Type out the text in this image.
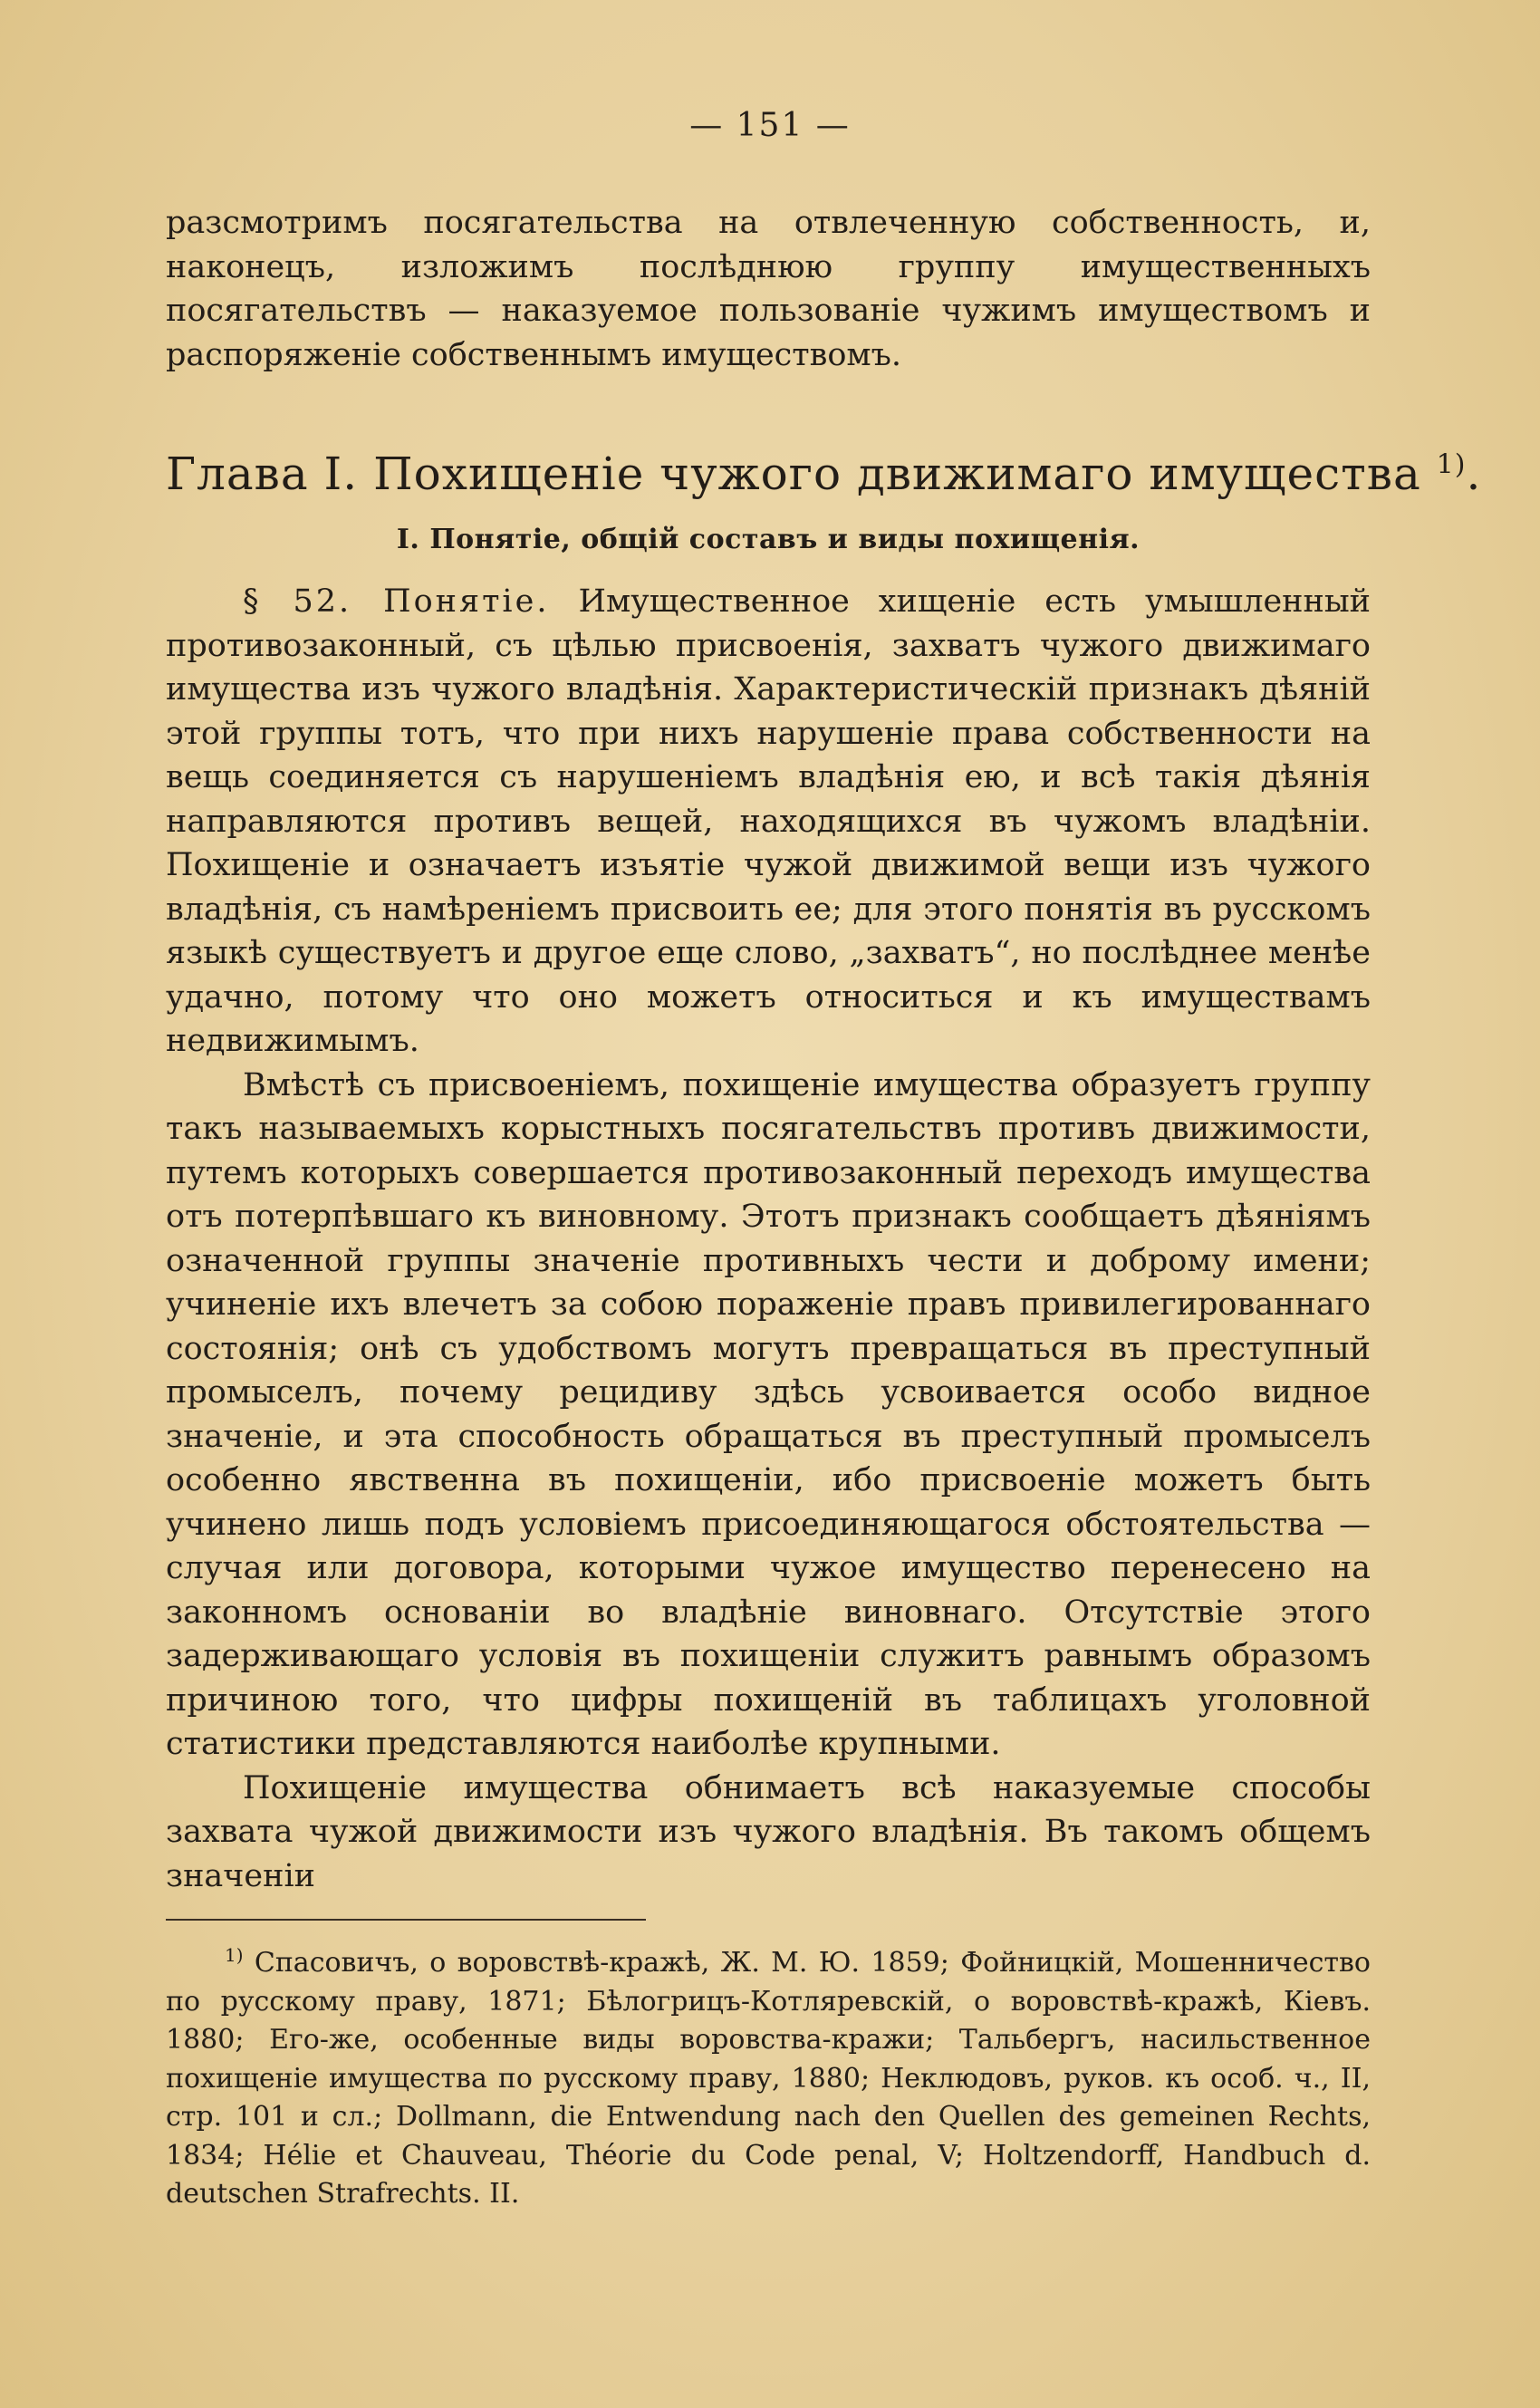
— 151 —
разсмотримъ посягательства на отвлеченную собственность, и, наконецъ, изложимъ послѣднюю группу имущественныхъ посягательствъ — наказуемое пользованіе чужимъ имуществомъ и распоряженіе собственнымъ имуществомъ.
Глава I. Похищеніе чужого движимаго имущества $^{1)}$.
I. Понятіе, общій составъ и виды похищенія.

§ 52. Понятіе. Имущественное хищеніе есть умышленный противозаконный, съ цѣлью присвоенія, захватъ чужого движимаго имущества изъ чужого владѣнія. Характеристическій признакъ дѣяній этой группы тотъ, что при нихъ нарушеніе права собственности на вещь соединяется съ нарушеніемъ владѣнія ею, и всѣ такія дѣянія направляются противъ вещей, находящихся въ чужомъ владѣніи. Похищеніе и означаетъ изъятіе чужой движимой вещи изъ чужого владѣнія, съ намѣреніемъ присвоить ее; для этого понятія въ русскомъ языкѣ существуетъ и другое еще слово, „захватъ“, но послѣднее менѣе удачно, потому что оно можетъ относиться и къ имуществамъ недвижимымъ.

Вмѣстѣ съ присвоеніемъ, похищеніе имущества образуетъ группу такъ называемыхъ корыстныхъ посягательствъ противъ движимости, путемъ которыхъ совершается противозаконный переходъ имущества отъ потерпѣвшаго къ виновному. Этотъ признакъ сообщаетъ дѣяніямъ означенной группы значеніе противныхъ чести и доброму имени; учиненіе ихъ влечетъ за собою пораженіе правъ привилегированнаго состоянія; онѣ съ удобствомъ могутъ превращаться въ преступный промыселъ, почему рецидиву здѣсь усвоивается особо видное значеніе, и эта способность обращаться въ преступный промыселъ особенно явственна въ похищеніи, ибо присвоеніе можетъ быть учинено лишь подъ условіемъ присоединяющагося обстоятельства — случая или договора, которыми чужое имущество перенесено на законномъ основаніи во владѣніе виновнаго. Отсутствіе этого задерживающаго условія въ похищеніи служитъ равнымъ образомъ причиною того, что цифры похищеній въ таблицахъ уголовной статистики представляются наиболѣе крупными.

Похищеніе имущества обнимаетъ всѣ наказуемые способы захвата чужой движимости изъ чужого владѣнія. Въ такомъ общемъ значеніи

$^{1)}$ Спасовичъ, о воровствѣ-кражѣ, Ж. М. Ю. 1859; Фойницкій, Мошенничество по русскому праву, 1871; Бѣлогрицъ-Котляревскій, о воровствѣ-кражѣ, Кіевъ. 1880; Его-же, особенные виды воровства-кражи; Тальбергъ, насильственное похищеніе имущества по русскому праву, 1880; Неклюдовъ, руков. къ особ. ч., II, стр. 101 и сл.; Dollmann, die Entwendung nach den Quellen des gemeinen Rechts, 1834; Hélie et Chauveau, Théorie du Code penal, V; Holtzendorff, Handbuch d. deutschen Strafrechts. II.
